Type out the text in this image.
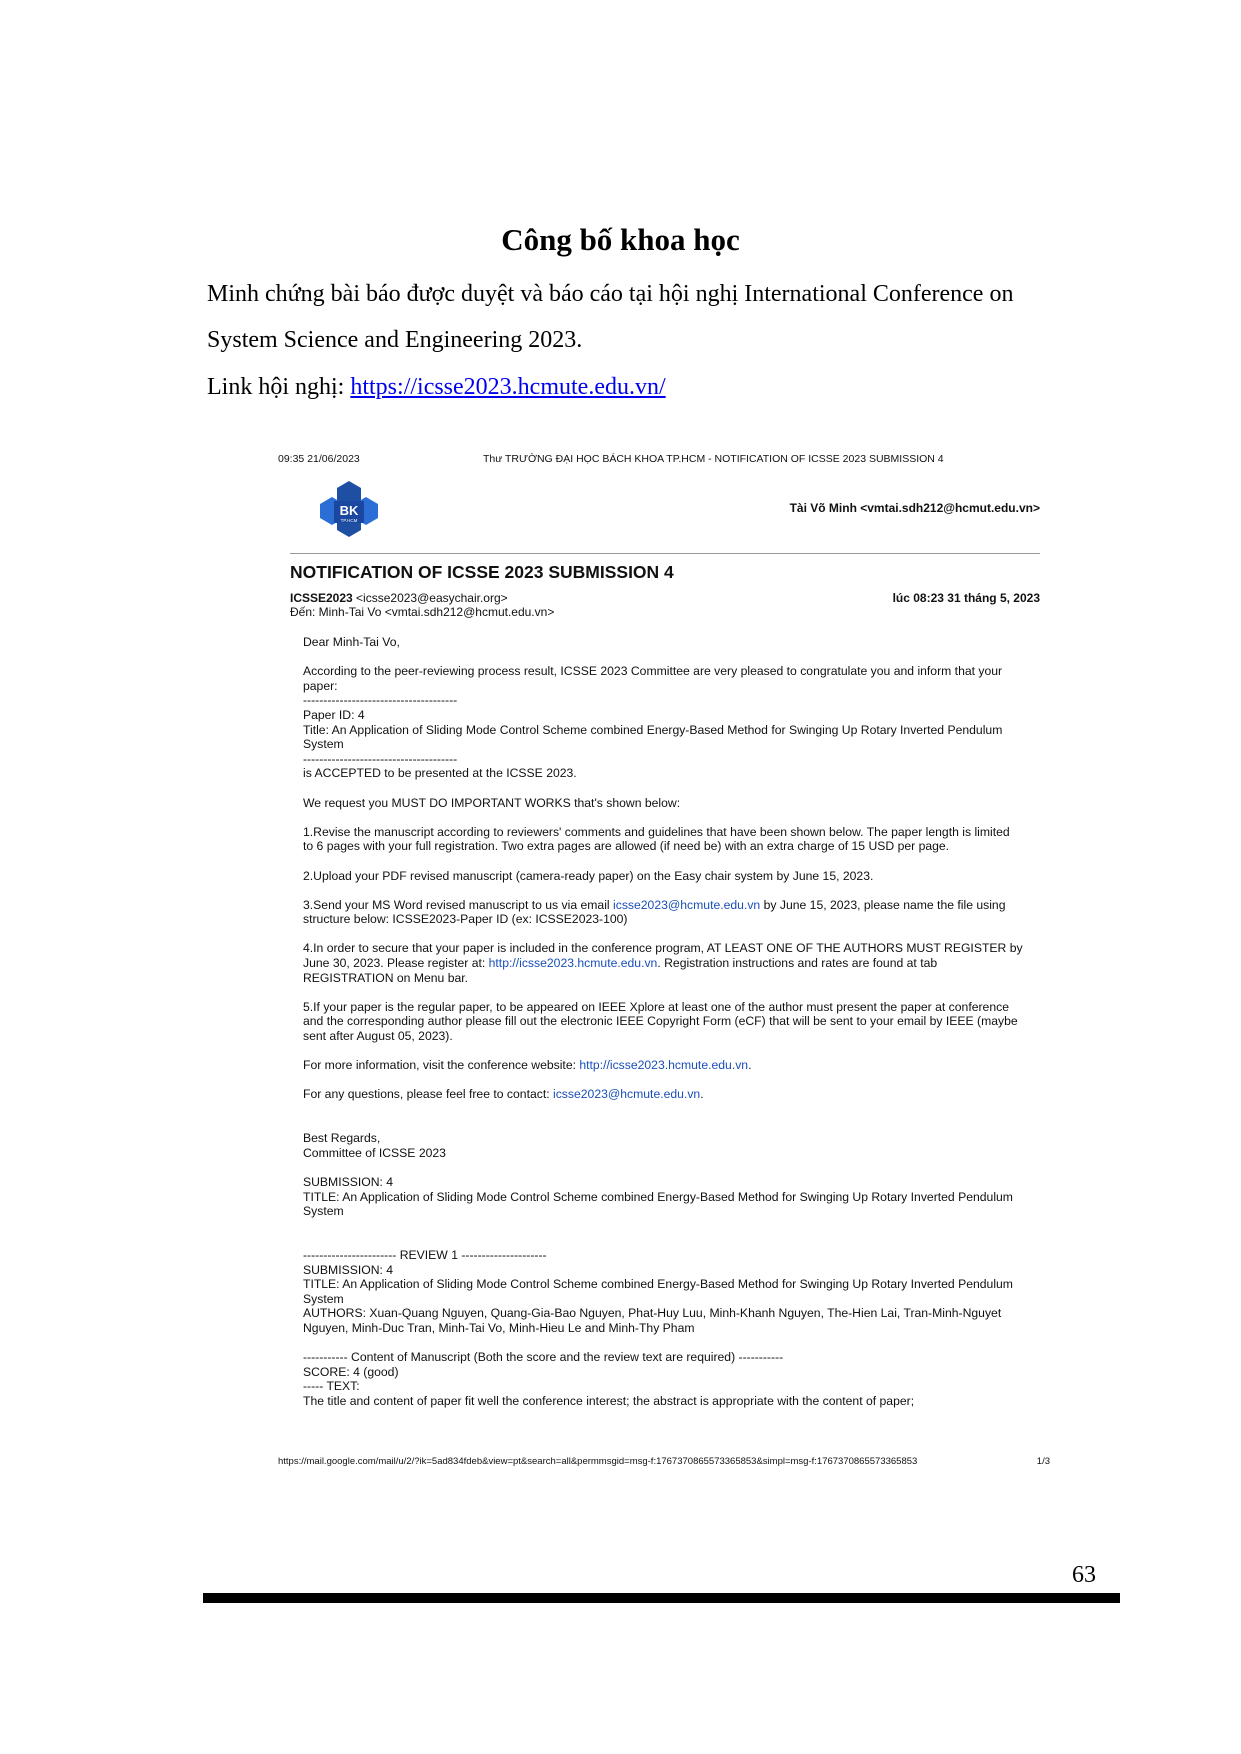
Công bố khoa học
Minh chứng bài báo được duyệt và báo cáo tại hội nghị International Conference on
System Science and Engineering 2023.
Link hội nghị: https://icsse2023.hcmute.edu.vn/
09:35 21/06/2023	Thư TRƯỜNG ĐẠI HỌC BÁCH KHOA TP.HCM - NOTIFICATION OF ICSSE 2023 SUBMISSION 4
BK
TP.HCM
Tài Võ Minh <vmtai.sdh212@hcmut.edu.vn>
NOTIFICATION OF ICSSE 2023 SUBMISSION 4
ICSSE2023 <icsse2023@easychair.org>
Đến: Minh-Tai Vo <vmtai.sdh212@hcmut.edu.vn>
lúc 08:23 31 tháng 5, 2023

Dear Minh-Tai Vo,

According to the peer-reviewing process result, ICSSE 2023 Committee are very pleased to congratulate you and inform that your paper:

--------------------------------------

Paper ID: 4

Title: An Application of Sliding Mode Control Scheme combined Energy-Based Method for Swinging Up Rotary Inverted Pendulum System

--------------------------------------

is ACCEPTED to be presented at the ICSSE 2023.

We request you MUST DO IMPORTANT WORKS that's shown below:

1.Revise the manuscript according to reviewers' comments and guidelines that have been shown below. The paper length is limited to 6 pages with your full registration. Two extra pages are allowed (if need be) with an extra charge of 15 USD per page.

2.Upload your PDF revised manuscript (camera-ready paper) on the Easy chair system by June 15, 2023.

3.Send your MS Word revised manuscript to us via email icsse2023@hcmute.edu.vn by June 15, 2023, please name the file using structure below: ICSSE2023-Paper ID (ex: ICSSE2023-100)

4.In order to secure that your paper is included in the conference program, AT LEAST ONE OF THE AUTHORS MUST REGISTER by June 30, 2023. Please register at: http://icsse2023.hcmute.edu.vn. Registration instructions and rates are found at tab REGISTRATION on Menu bar.

5.If your paper is the regular paper, to be appeared on IEEE Xplore at least one of the author must present the paper at conference and the corresponding author please fill out the electronic IEEE Copyright Form (eCF) that will be sent to your email by IEEE (maybe sent after August 05, 2023).

For more information, visit the conference website: http://icsse2023.hcmute.edu.vn.

For any questions, please feel free to contact: icsse2023@hcmute.edu.vn.

Best Regards,

Committee of ICSSE 2023

SUBMISSION: 4

TITLE: An Application of Sliding Mode Control Scheme combined Energy-Based Method for Swinging Up Rotary Inverted Pendulum System

----------------------- REVIEW 1 ---------------------

SUBMISSION: 4

TITLE: An Application of Sliding Mode Control Scheme combined Energy-Based Method for Swinging Up Rotary Inverted Pendulum System

AUTHORS: Xuan-Quang Nguyen, Quang-Gia-Bao Nguyen, Phat-Huy Luu, Minh-Khanh Nguyen, The-Hien Lai, Tran-Minh-Nguyet Nguyen, Minh-Duc Tran, Minh-Tai Vo, Minh-Hieu Le and Minh-Thy Pham

----------- Content of Manuscript (Both the score and the review text are required) -----------

SCORE: 4 (good)

----- TEXT:

The title and content of paper fit well the conference interest; the abstract is appropriate with the content of paper;

https://mail.google.com/mail/u/2/?ik=5ad834fdeb&view=pt&search=all&permmsgid=msg-f:1767370865573365853&simpl=msg-f:1767370865573365853	1/3
63
